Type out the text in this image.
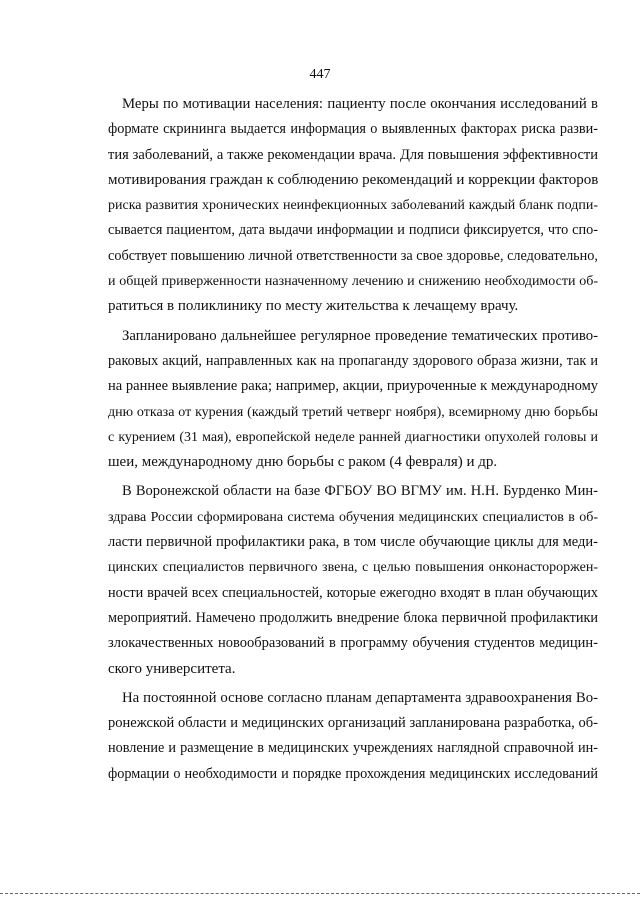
447
Меры по мотивации населения: пациенту после окончания исследований в
формате скрининга выдается информация о выявленных факторах риска разви-
тия заболеваний, а также рекомендации врача. Для повышения эффективности
мотивирования граждан к соблюдению рекомендаций и коррекции факторов
риска развития хронических неинфекционных заболеваний каждый бланк подпи-
сывается пациентом, дата выдачи информации и подписи фиксируется, что спо-
собствует повышению личной ответственности за свое здоровье, следовательно,
и общей приверженности назначенному лечению и снижению необходимости об-
ратиться в поликлинику по месту жительства к лечащему врачу.
Запланировано дальнейшее регулярное проведение тематических противо-
раковых акций, направленных как на пропаганду здорового образа жизни, так и
на раннее выявление рака; например, акции, приуроченные к международному
дню отказа от курения (каждый третий четверг ноября), всемирному дню борьбы
с курением (31 мая), европейской неделе ранней диагностики опухолей головы и
шеи, международному дню борьбы с раком (4 февраля) и др.
В Воронежской области на базе ФГБОУ ВО ВГМУ им. Н.Н. Бурденко Мин-
здрава России сформирована система обучения медицинских специалистов в об-
ласти первичной профилактики рака, в том числе обучающие циклы для меди-
цинских специалистов первичного звена, с целью повышения онконастороржен-
ности врачей всех специальностей, которые ежегодно входят в план обучающих
мероприятий. Намечено продолжить внедрение блока первичной профилактики
злокачественных новообразований в программу обучения студентов медицин-
ского университета.
На постоянной основе согласно планам департамента здравоохранения Во-
ронежской области и медицинских организаций запланирована разработка, об-
новление и размещение в медицинских учреждениях наглядной справочной ин-
формации о необходимости и порядке прохождения медицинских исследований
